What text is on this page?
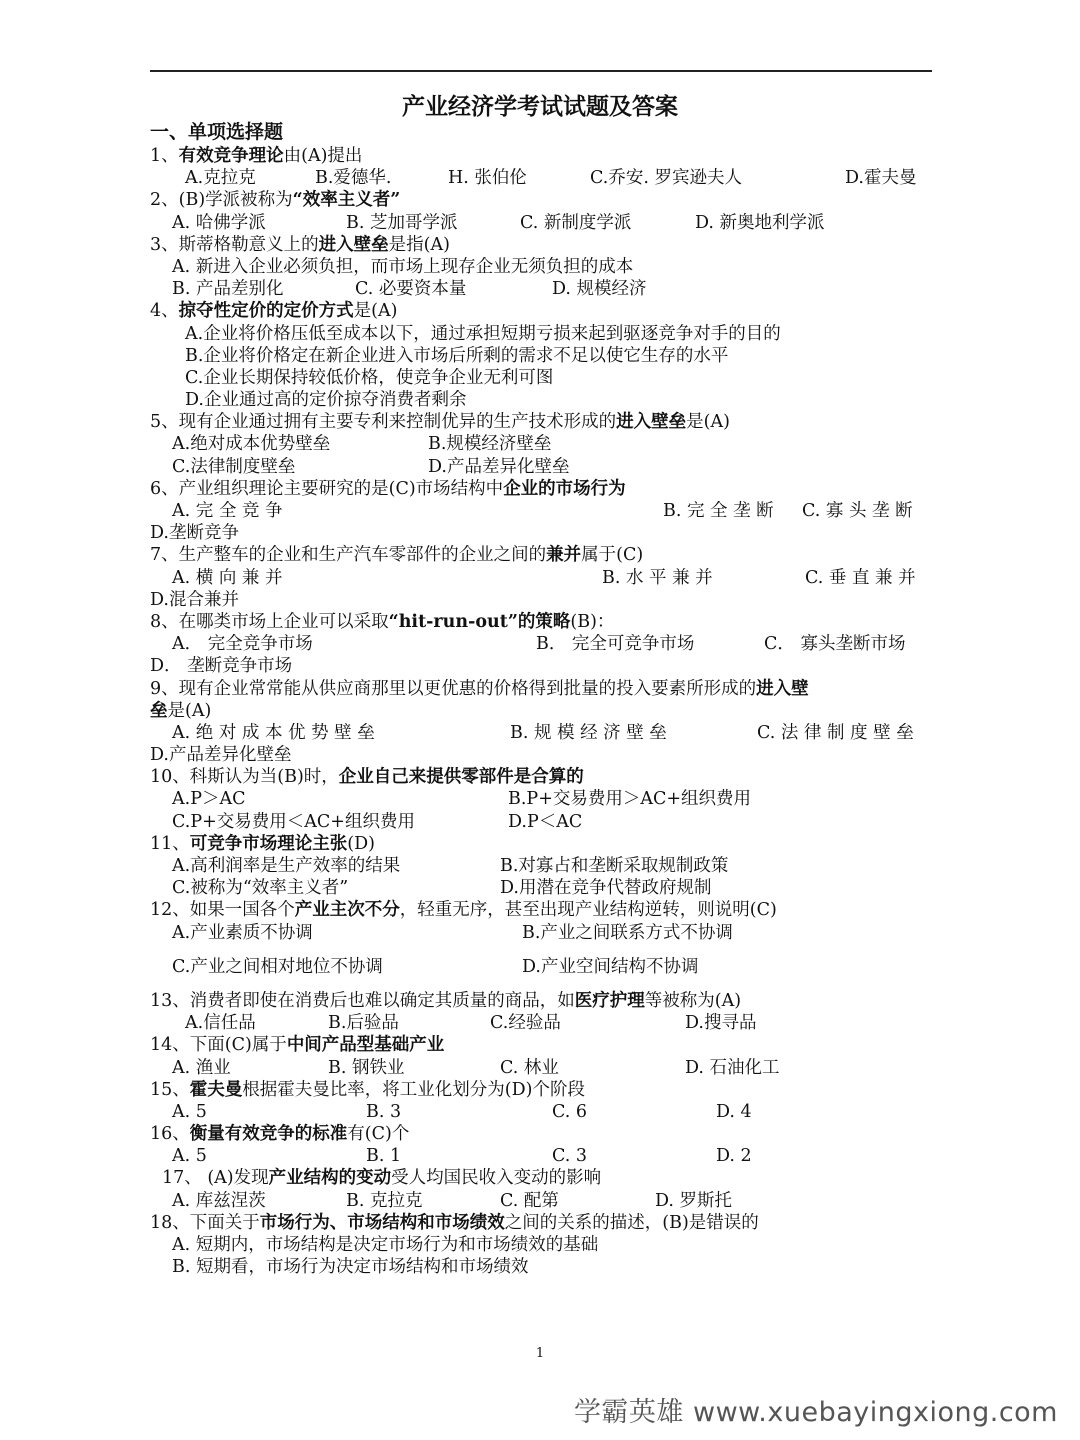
产业经济学考试试题及答案
一、单项选择题
1、有效竞争理论由(A)提出
A.克拉克	B.爱德华.	H. 张伯伦	C.乔安. 罗宾逊夫人	D.霍夫曼
2、(B)学派被称为“效率主义者”
A. 哈佛学派	B. 芝加哥学派	C. 新制度学派	D. 新奥地利学派
3、斯蒂格勒意义上的进入壁垒是指(A)
A. 新进入企业必须负担，而市场上现存企业无须负担的成本
B. 产品差别化	C. 必要资本量	D. 规模经济
4、掠夺性定价的定价方式是(A)
A.企业将价格压低至成本以下，通过承担短期亏损来起到驱逐竞争对手的目的
B.企业将价格定在新企业进入市场后所剩的需求不足以使它生存的水平
C.企业长期保持较低价格，使竞争企业无利可图
D.企业通过高的定价掠夺消费者剩余
5、现有企业通过拥有主要专利来控制优异的生产技术形成的进入壁垒是(A)
A.绝对成本优势壁垒	B.规模经济壁垒
C.法律制度壁垒	D.产品差异化壁垒
6、产业组织理论主要研究的是(C)市场结构中企业的市场行为
A. 完 全 竞 争	B. 完 全 垄 断 C. 寡 头 垄 断
D.垄断竞争
7、生产整车的企业和生产汽车零部件的企业之间的兼并属于(C)
A. 横 向 兼 并	B. 水 平 兼 并	C. 垂 直 兼 并
D.混合兼并
8、在哪类市场上企业可以采取“hit-run-out”的策略(B)：
A． 完全竞争市场	B． 完全可竞争市场	C． 寡头垄断市场
D． 垄断竞争市场
9、现有企业常常能从供应商那里以更优惠的价格得到批量的投入要素所形成的进入壁
垒是(A)
A. 绝 对 成 本 优 势 壁 垒	B. 规 模 经 济 壁 垒	C. 法 律 制 度 壁 垒
D.产品差异化壁垒
10、科斯认为当(B)时，企业自己来提供零部件是合算的
A.P＞AC	B.P+交易费用＞AC+组织费用
C.P+交易费用＜AC+组织费用	D.P＜AC
11、可竞争市场理论主张(D)
A.高利润率是生产效率的结果	B.对寡占和垄断采取规制政策
C.被称为“效率主义者”	D.用潜在竞争代替政府规制
12、如果一国各个产业主次不分，轻重无序，甚至出现产业结构逆转，则说明(C)
A.产业素质不协调	B.产业之间联系方式不协调
C.产业之间相对地位不协调	D.产业空间结构不协调
13、消费者即使在消费后也难以确定其质量的商品，如医疗护理等被称为(A)
A.信任品	B.后验品	C.经验品	D.搜寻品
14、下面(C)属于中间产品型基础产业
A. 渔业	B. 钢铁业	C. 林业	D. 石油化工
15、霍夫曼根据霍夫曼比率，将工业化划分为(D)个阶段
A. 5	B. 3	C. 6	D. 4
16、衡量有效竞争的标准有(C)个
A. 5	B. 1	C. 3	D. 2
17、 (A)发现产业结构的变动受人均国民收入变动的影响
A. 库兹涅茨	B. 克拉克	C. 配第	D. 罗斯托
18、下面关于市场行为、市场结构和市场绩效之间的关系的描述，(B)是错误的
A. 短期内，市场结构是决定市场行为和市场绩效的基础
B. 短期看，市场行为决定市场结构和市场绩效
1
学霸英雄 www.xuebayingxiong.com
